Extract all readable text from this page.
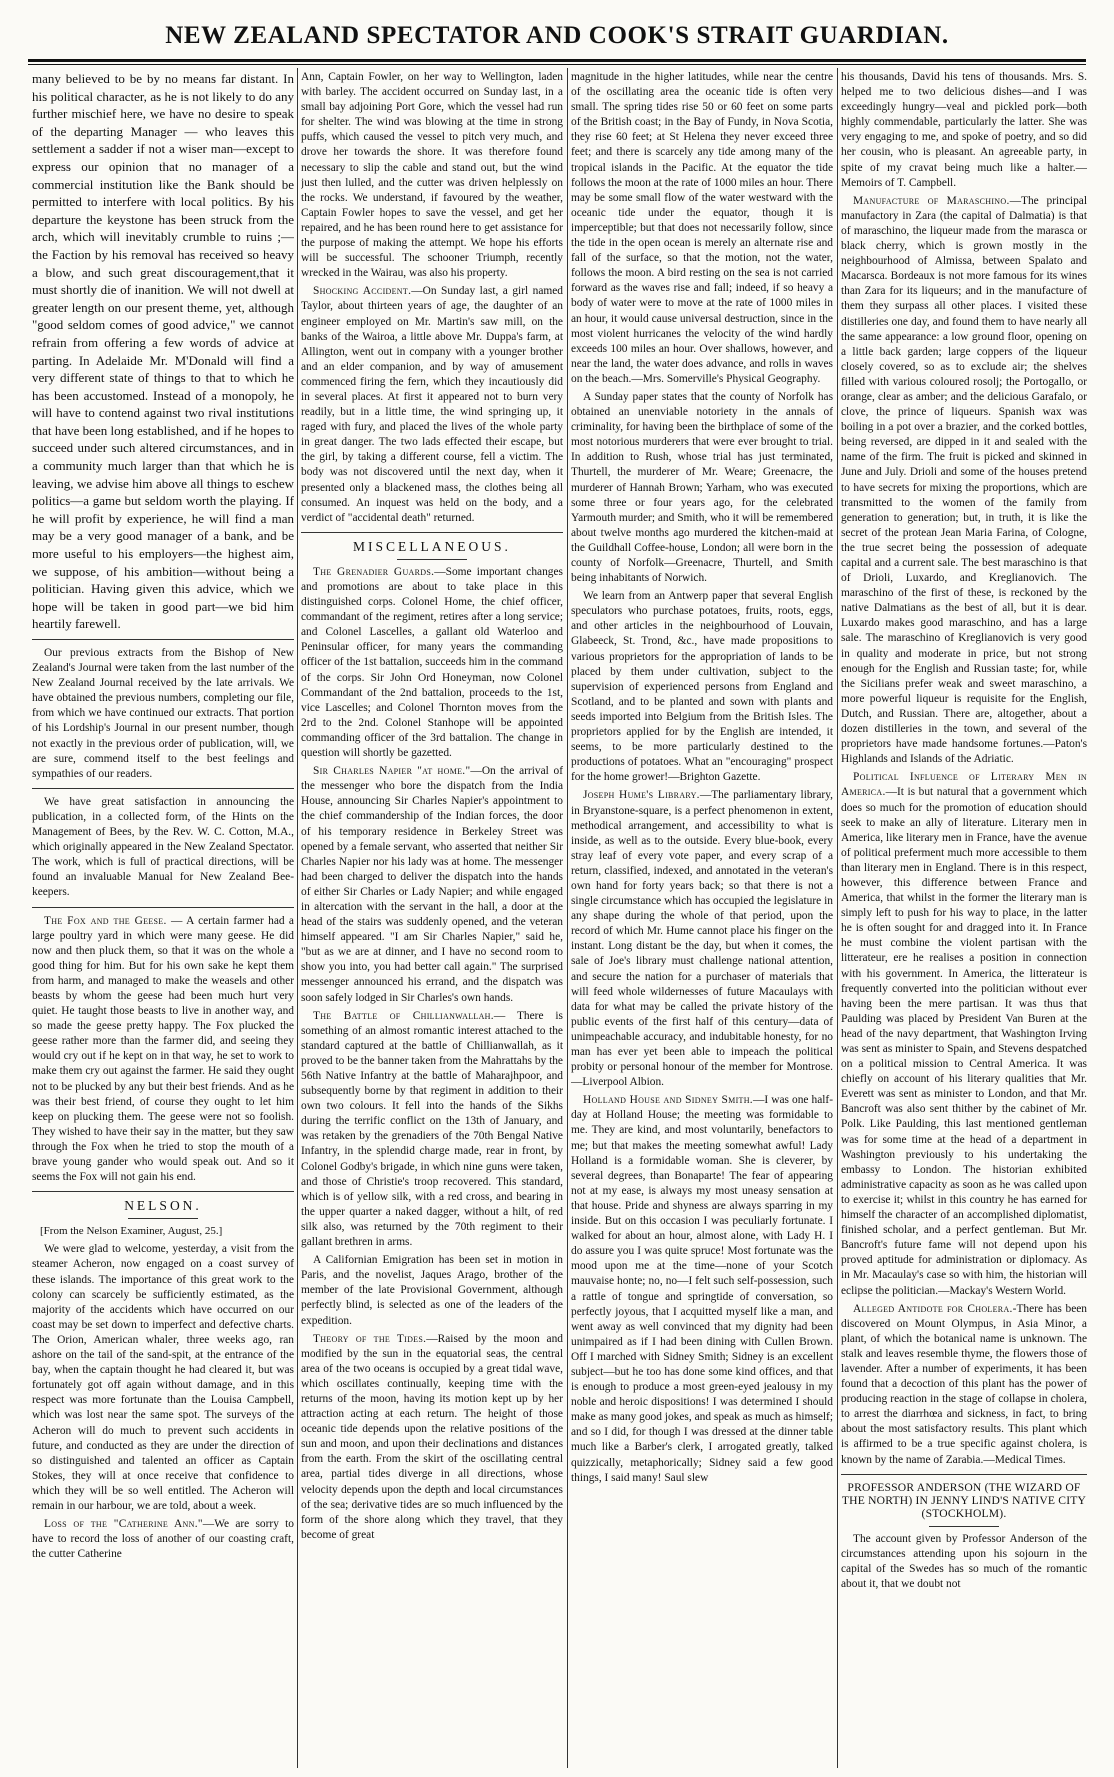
NEW ZEALAND SPECTATOR AND COOK'S STRAIT GUARDIAN.

many believed to be by no means far distant. In his political character, as he is not likely to do any further mischief here, we have no desire to speak of the departing Manager — who leaves this settlement a sadder if not a wiser man—except to express our opinion that no manager of a commercial institution like the Bank should be permitted to interfere with local politics. By his departure the keystone has been struck from the arch, which will inevitably crumble to ruins ;—the Faction by his removal has received so heavy a blow, and such great discouragement,that it must shortly die of inanition. We will not dwell at greater length on our present theme, yet, although "good seldom comes of good advice," we cannot refrain from offering a few words of advice at parting. In Adelaide Mr. M'Donald will find a very different state of things to that to which he has been accustomed. Instead of a monopoly, he will have to contend against two rival institutions that have been long established, and if he hopes to succeed under such altered circumstances, and in a community much larger than that which he is leaving, we advise him above all things to eschew politics—a game but seldom worth the playing. If he will profit by experience, he will find a man may be a very good manager of a bank, and be more useful to his employers—the highest aim, we suppose, of his ambition—without being a politician. Having given this advice, which we hope will be taken in good part—we bid him heartily farewell.

Our previous extracts from the Bishop of New Zealand's Journal were taken from the last number of the New Zealand Journal received by the late arrivals. We have obtained the previous numbers, completing our file, from which we have continued our extracts. That portion of his Lordship's Journal in our present number, though not exactly in the previous order of publication, will, we are sure, commend itself to the best feelings and sympathies of our readers.

We have great satisfaction in announcing the publication, in a collected form, of the Hints on the Management of Bees, by the Rev. W. C. Cotton, M.A., which originally appeared in the New Zealand Spectator. The work, which is full of practical directions, will be found an invaluable Manual for New Zealand Bee-keepers.

The Fox and the Geese. — A certain farmer had a large poultry yard in which were many geese. He did now and then pluck them, so that it was on the whole a good thing for him. But for his own sake he kept them from harm, and managed to make the weasels and other beasts by whom the geese had been much hurt very quiet. He taught those beasts to live in another way, and so made the geese pretty happy. The Fox plucked the geese rather more than the farmer did, and seeing they would cry out if he kept on in that way, he set to work to make them cry out against the farmer. He said they ought not to be plucked by any but their best friends. And as he was their best friend, of course they ought to let him keep on plucking them. The geese were not so foolish. They wished to have their say in the matter, but they saw through the Fox when he tried to stop the mouth of a brave young gander who would speak out. And so it seems the Fox will not gain his end.

NELSON.

[From the Nelson Examiner, August, 25.]

We were glad to welcome, yesterday, a visit from the steamer Acheron, now engaged on a coast survey of these islands. The importance of this great work to the colony can scarcely be sufficiently estimated, as the majority of the accidents which have occurred on our coast may be set down to imperfect and defective charts. The Orion, American whaler, three weeks ago, ran ashore on the tail of the sand-spit, at the entrance of the bay, when the captain thought he had cleared it, but was fortunately got off again without damage, and in this respect was more fortunate than the Louisa Campbell, which was lost near the same spot. The surveys of the Acheron will do much to prevent such accidents in future, and conducted as they are under the direction of so distinguished and talented an officer as Captain Stokes, they will at once receive that confidence to which they will be so well entitled. The Acheron will remain in our harbour, we are told, about a week.

Loss of the "Catherine Ann."—We are sorry to have to record the loss of another of our coasting craft, the cutter Catherine

Ann, Captain Fowler, on her way to Wellington, laden with barley. The accident occurred on Sunday last, in a small bay adjoining Port Gore, which the vessel had run for shelter. The wind was blowing at the time in strong puffs, which caused the vessel to pitch very much, and drove her towards the shore. It was therefore found necessary to slip the cable and stand out, but the wind just then lulled, and the cutter was driven helplessly on the rocks. We understand, if favoured by the weather, Captain Fowler hopes to save the vessel, and get her repaired, and he has been round here to get assistance for the purpose of making the attempt. We hope his efforts will be successful. The schooner Triumph, recently wrecked in the Wairau, was also his property.

Shocking Accident.—On Sunday last, a girl named Taylor, about thirteen years of age, the daughter of an engineer employed on Mr. Martin's saw mill, on the banks of the Wairoa, a little above Mr. Duppa's farm, at Allington, went out in company with a younger brother and an elder companion, and by way of amusement commenced firing the fern, which they incautiously did in several places. At first it appeared not to burn very readily, but in a little time, the wind springing up, it raged with fury, and placed the lives of the whole party in great danger. The two lads effected their escape, but the girl, by taking a different course, fell a victim. The body was not discovered until the next day, when it presented only a blackened mass, the clothes being all consumed. An inquest was held on the body, and a verdict of "accidental death" returned.

MISCELLANEOUS.

The Grenadier Guards.—Some important changes and promotions are about to take place in this distinguished corps. Colonel Home, the chief officer, commandant of the regiment, retires after a long service; and Colonel Lascelles, a gallant old Waterloo and Peninsular officer, for many years the commanding officer of the 1st battalion, succeeds him in the command of the corps. Sir John Ord Honeyman, now Colonel Commandant of the 2nd battalion, proceeds to the 1st, vice Lascelles; and Colonel Thornton moves from the 2rd to the 2nd. Colonel Stanhope will be appointed commanding officer of the 3rd battalion. The change in question will shortly be gazetted.

Sir Charles Napier "at home."—On the arrival of the messenger who bore the dispatch from the India House, announcing Sir Charles Napier's appointment to the chief commandership of the Indian forces, the door of his temporary residence in Berkeley Street was opened by a female servant, who asserted that neither Sir Charles Napier nor his lady was at home. The messenger had been charged to deliver the dispatch into the hands of either Sir Charles or Lady Napier; and while engaged in altercation with the servant in the hall, a door at the head of the stairs was suddenly opened, and the veteran himself appeared. "I am Sir Charles Napier," said he, "but as we are at dinner, and I have no second room to show you into, you had better call again." The surprised messenger announced his errand, and the dispatch was soon safely lodged in Sir Charles's own hands.

The Battle of Chillianwallah.— There is something of an almost romantic interest attached to the standard captured at the battle of Chillianwallah, as it proved to be the banner taken from the Mahrattahs by the 56th Native Infantry at the battle of Maharajhpoor, and subsequently borne by that regiment in addition to their own two colours. It fell into the hands of the Sikhs during the terrific conflict on the 13th of January, and was retaken by the grenadiers of the 70th Bengal Native Infantry, in the splendid charge made, rear in front, by Colonel Godby's brigade, in which nine guns were taken, and those of Christie's troop recovered. This standard, which is of yellow silk, with a red cross, and bearing in the upper quarter a naked dagger, without a hilt, of red silk also, was returned by the 70th regiment to their gallant brethren in arms.

A Californian Emigration has been set in motion in Paris, and the novelist, Jaques Arago, brother of the member of the late Provisional Government, although perfectly blind, is selected as one of the leaders of the expedition.

Theory of the Tides.—Raised by the moon and modified by the sun in the equatorial seas, the central area of the two oceans is occupied by a great tidal wave, which oscillates continually, keeping time with the returns of the moon, having its motion kept up by her attraction acting at each return. The height of those oceanic tide depends upon the relative positions of the sun and moon, and upon their declinations and distances from the earth. From the skirt of the oscillating central area, partial tides diverge in all directions, whose velocity depends upon the depth and local circumstances of the sea; derivative tides are so much influenced by the form of the shore along which they travel, that they become of great

magnitude in the higher latitudes, while near the centre of the oscillating area the oceanic tide is often very small. The spring tides rise 50 or 60 feet on some parts of the British coast; in the Bay of Fundy, in Nova Scotia, they rise 60 feet; at St Helena they never exceed three feet; and there is scarcely any tide among many of the tropical islands in the Pacific. At the equator the tide follows the moon at the rate of 1000 miles an hour. There may be some small flow of the water westward with the oceanic tide under the equator, though it is imperceptible; but that does not necessarily follow, since the tide in the open ocean is merely an alternate rise and fall of the surface, so that the motion, not the water, follows the moon. A bird resting on the sea is not carried forward as the waves rise and fall; indeed, if so heavy a body of water were to move at the rate of 1000 miles in an hour, it would cause universal destruction, since in the most violent hurricanes the velocity of the wind hardly exceeds 100 miles an hour. Over shallows, however, and near the land, the water does advance, and rolls in waves on the beach.—Mrs. Somerville's Physical Geography.

A Sunday paper states that the county of Norfolk has obtained an unenviable notoriety in the annals of criminality, for having been the birthplace of some of the most notorious murderers that were ever brought to trial. In addition to Rush, whose trial has just terminated, Thurtell, the murderer of Mr. Weare; Greenacre, the murderer of Hannah Brown; Yarham, who was executed some three or four years ago, for the celebrated Yarmouth murder; and Smith, who it will be remembered about twelve months ago murdered the kitchen-maid at the Guildhall Coffee-house, London; all were born in the county of Norfolk—Greenacre, Thurtell, and Smith being inhabitants of Norwich.

We learn from an Antwerp paper that several English speculators who purchase potatoes, fruits, roots, eggs, and other articles in the neighbourhood of Louvain, Glabeeck, St. Trond, &c., have made propositions to various proprietors for the appropriation of lands to be placed by them under cultivation, subject to the supervision of experienced persons from England and Scotland, and to be planted and sown with plants and seeds imported into Belgium from the British Isles. The proprietors applied for by the English are intended, it seems, to be more particularly destined to the productions of potatoes. What an "encouraging" prospect for the home grower!—Brighton Gazette.

Joseph Hume's Library.—The parliamentary library, in Bryanstone-square, is a perfect phenomenon in extent, methodical arrangement, and accessibility to what is inside, as well as to the outside. Every blue-book, every stray leaf of every vote paper, and every scrap of a return, classified, indexed, and annotated in the veteran's own hand for forty years back; so that there is not a single circumstance which has occupied the legislature in any shape during the whole of that period, upon the record of which Mr. Hume cannot place his finger on the instant. Long distant be the day, but when it comes, the sale of Joe's library must challenge national attention, and secure the nation for a purchaser of materials that will feed whole wildernesses of future Macaulays with data for what may be called the private history of the public events of the first half of this century—data of unimpeachable accuracy, and indubitable honesty, for no man has ever yet been able to impeach the political probity or personal honour of the member for Montrose.—Liverpool Albion.

Holland House and Sidney Smith.—I was one half-day at Holland House; the meeting was formidable to me. They are kind, and most voluntarily, benefactors to me; but that makes the meeting somewhat awful! Lady Holland is a formidable woman. She is cleverer, by several degrees, than Bonaparte! The fear of appearing not at my ease, is always my most uneasy sensation at that house. Pride and shyness are always sparring in my inside. But on this occasion I was peculiarly fortunate. I walked for about an hour, almost alone, with Lady H. I do assure you I was quite spruce! Most fortunate was the mood upon me at the time—none of your Scotch mauvaise honte; no, no—I felt such self-possession, such a rattle of tongue and springtide of conversation, so perfectly joyous, that I acquitted myself like a man, and went away as well convinced that my dignity had been unimpaired as if I had been dining with Cullen Brown. Off I marched with Sidney Smith; Sidney is an excellent subject—but he too has done some kind offices, and that is enough to produce a most green-eyed jealousy in my noble and heroic dispositions! I was determined I should make as many good jokes, and speak as much as himself; and so I did, for though I was dressed at the dinner table much like a Barber's clerk, I arrogated greatly, talked quizzically, metaphorically; Sidney said a few good things, I said many! Saul slew

his thousands, David his tens of thousands. Mrs. S. helped me to two delicious dishes—and I was exceedingly hungry—veal and pickled pork—both highly commendable, particularly the latter. She was very engaging to me, and spoke of poetry, and so did her cousin, who is pleasant. An agreeable party, in spite of my cravat being much like a halter.—Memoirs of T. Campbell.

Manufacture of Maraschino.—The principal manufactory in Zara (the capital of Dalmatia) is that of maraschino, the liqueur made from the marasca or black cherry, which is grown mostly in the neighbourhood of Almissa, between Spalato and Macarsca. Bordeaux is not more famous for its wines than Zara for its liqueurs; and in the manufacture of them they surpass all other places. I visited these distilleries one day, and found them to have nearly all the same appearance: a low ground floor, opening on a little back garden; large coppers of the liqueur closely covered, so as to exclude air; the shelves filled with various coloured rosolj; the Portogallo, or orange, clear as amber; and the delicious Garafalo, or clove, the prince of liqueurs. Spanish wax was boiling in a pot over a brazier, and the corked bottles, being reversed, are dipped in it and sealed with the name of the firm. The fruit is picked and skinned in June and July. Drioli and some of the houses pretend to have secrets for mixing the proportions, which are transmitted to the women of the family from generation to generation; but, in truth, it is like the secret of the protean Jean Maria Farina, of Cologne, the true secret being the possession of adequate capital and a current sale. The best maraschino is that of Drioli, Luxardo, and Kreglianovich. The maraschino of the first of these, is reckoned by the native Dalmatians as the best of all, but it is dear. Luxardo makes good maraschino, and has a large sale. The maraschino of Kreglianovich is very good in quality and moderate in price, but not strong enough for the English and Russian taste; for, while the Sicilians prefer weak and sweet maraschino, a more powerful liqueur is requisite for the English, Dutch, and Russian. There are, altogether, about a dozen distilleries in the town, and several of the proprietors have made handsome fortunes.—Paton's Highlands and Islands of the Adriatic.

Political Influence of Literary Men in America.—It is but natural that a government which does so much for the promotion of education should seek to make an ally of literature. Literary men in America, like literary men in France, have the avenue of political preferment much more accessible to them than literary men in England. There is in this respect, however, this difference between France and America, that whilst in the former the literary man is simply left to push for his way to place, in the latter he is often sought for and dragged into it. In France he must combine the violent partisan with the litterateur, ere he realises a position in connection with his government. In America, the litterateur is frequently converted into the politician without ever having been the mere partisan. It was thus that Paulding was placed by President Van Buren at the head of the navy department, that Washington Irving was sent as minister to Spain, and Stevens despatched on a political mission to Central America. It was chiefly on account of his literary qualities that Mr. Everett was sent as minister to London, and that Mr. Bancroft was also sent thither by the cabinet of Mr. Polk. Like Paulding, this last mentioned gentleman was for some time at the head of a department in Washington previously to his undertaking the embassy to London. The historian exhibited administrative capacity as soon as he was called upon to exercise it; whilst in this country he has earned for himself the character of an accomplished diplomatist, finished scholar, and a perfect gentleman. But Mr. Bancroft's future fame will not depend upon his proved aptitude for administration or diplomacy. As in Mr. Macaulay's case so with him, the historian will eclipse the politician.—Mackay's Western World.

Alleged Antidote for Cholera.-There has been discovered on Mount Olympus, in Asia Minor, a plant, of which the botanical name is unknown. The stalk and leaves resemble thyme, the flowers those of lavender. After a number of experiments, it has been found that a decoction of this plant has the power of producing reaction in the stage of collapse in cholera, to arrest the diarrhœa and sickness, in fact, to bring about the most satisfactory results. This plant which is affirmed to be a true specific against cholera, is known by the name of Zarabia.—Medical Times.

PROFESSOR ANDERSON (THE WIZARD OF THE NORTH) IN JENNY LIND'S NATIVE CITY (STOCKHOLM).

The account given by Professor Anderson of the circumstances attending upon his sojourn in the capital of the Swedes has so much of the romantic about it, that we doubt not
